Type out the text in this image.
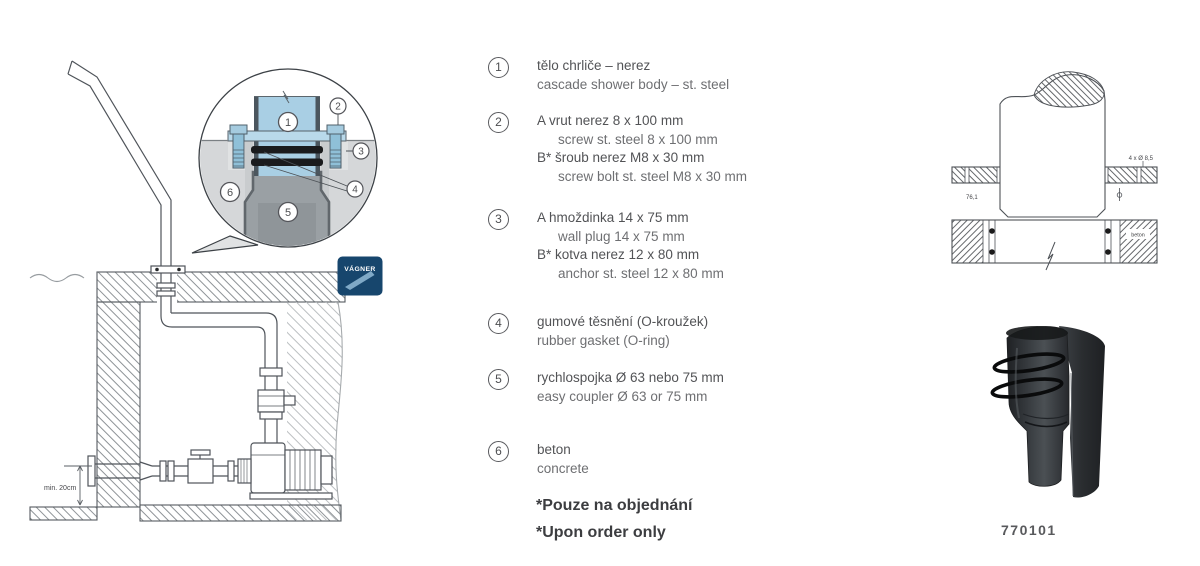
min. 20cm
1
2
3
4
5
6
VÁGNER
1	tělo chrliče – nerez
cascade shower body – st. steel
2	A vrut nerez 8 x 100 mm
screw st. steel 8 x 100 mm
B* šroub nerez M8 x 30 mm
screw bolt st. steel M8 x 30 mm
3	A hmoždinka 14 x 75 mm
wall plug 14 x 75 mm
B* kotva nerez 12 x 80 mm
anchor st. steel 12 x 80 mm
4	gumové těsnění (O-kroužek)
rubber gasket (O-ring)
5	rychlospojka Ø 63 nebo 75 mm
easy coupler Ø 63 or 75 mm
6	beton
concrete
*Pouze na objednání
*Upon order only
4 x Ø 8,5
76,1
beton
770101
